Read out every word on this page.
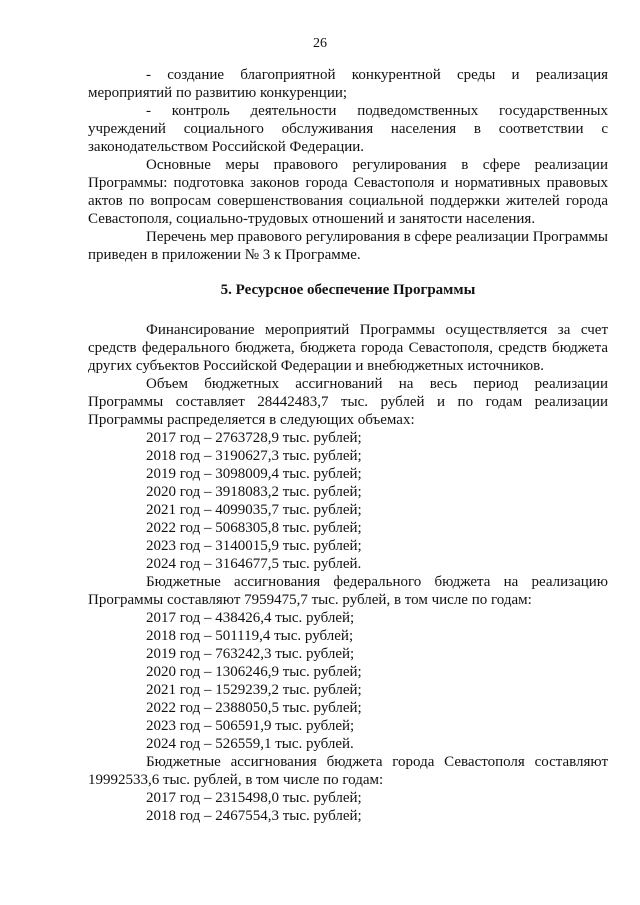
26

- создание благоприятной конкурентной среды и реализация мероприятий по развитию конкуренции;

- контроль деятельности подведомственных государственных учреждений социального обслуживания населения в соответствии с законодательством Российской Федерации.

Основные меры правового регулирования в сфере реализации Программы: подготовка законов города Севастополя и нормативных правовых актов по вопросам совершенствования социальной поддержки жителей города Севастополя, социально-трудовых отношений и занятости населения.

Перечень мер правового регулирования в сфере реализации Программы приведен в приложении № 3 к Программе.

5. Ресурсное обеспечение Программы

Финансирование мероприятий Программы осуществляется за счет средств федерального бюджета, бюджета города Севастополя, средств бюджета других субъектов Российской Федерации и внебюджетных источников.

Объем бюджетных ассигнований на весь период реализации Программы составляет 28442483,7 тыс. рублей и по годам реализации Программы распределяется в следующих объемах:

2017 год – 2763728,9 тыс. рублей;
2018 год – 3190627,3 тыс. рублей;
2019 год – 3098009,4 тыс. рублей;
2020 год – 3918083,2 тыс. рублей;
2021 год – 4099035,7 тыс. рублей;
2022 год – 5068305,8 тыс. рублей;
2023 год – 3140015,9 тыс. рублей;
2024 год – 3164677,5 тыс. рублей.

Бюджетные ассигнования федерального бюджета на реализацию Программы составляют 7959475,7 тыс. рублей, в том числе по годам:

2017 год – 438426,4 тыс. рублей;
2018 год – 501119,4 тыс. рублей;
2019 год – 763242,3 тыс. рублей;
2020 год – 1306246,9 тыс. рублей;
2021 год – 1529239,2 тыс. рублей;
2022 год – 2388050,5 тыс. рублей;
2023 год – 506591,9 тыс. рублей;
2024 год – 526559,1 тыс. рублей.

Бюджетные ассигнования бюджета города Севастополя составляют 19992533,6 тыс. рублей, в том числе по годам:

2017 год – 2315498,0 тыс. рублей;
2018 год – 2467554,3 тыс. рублей;
